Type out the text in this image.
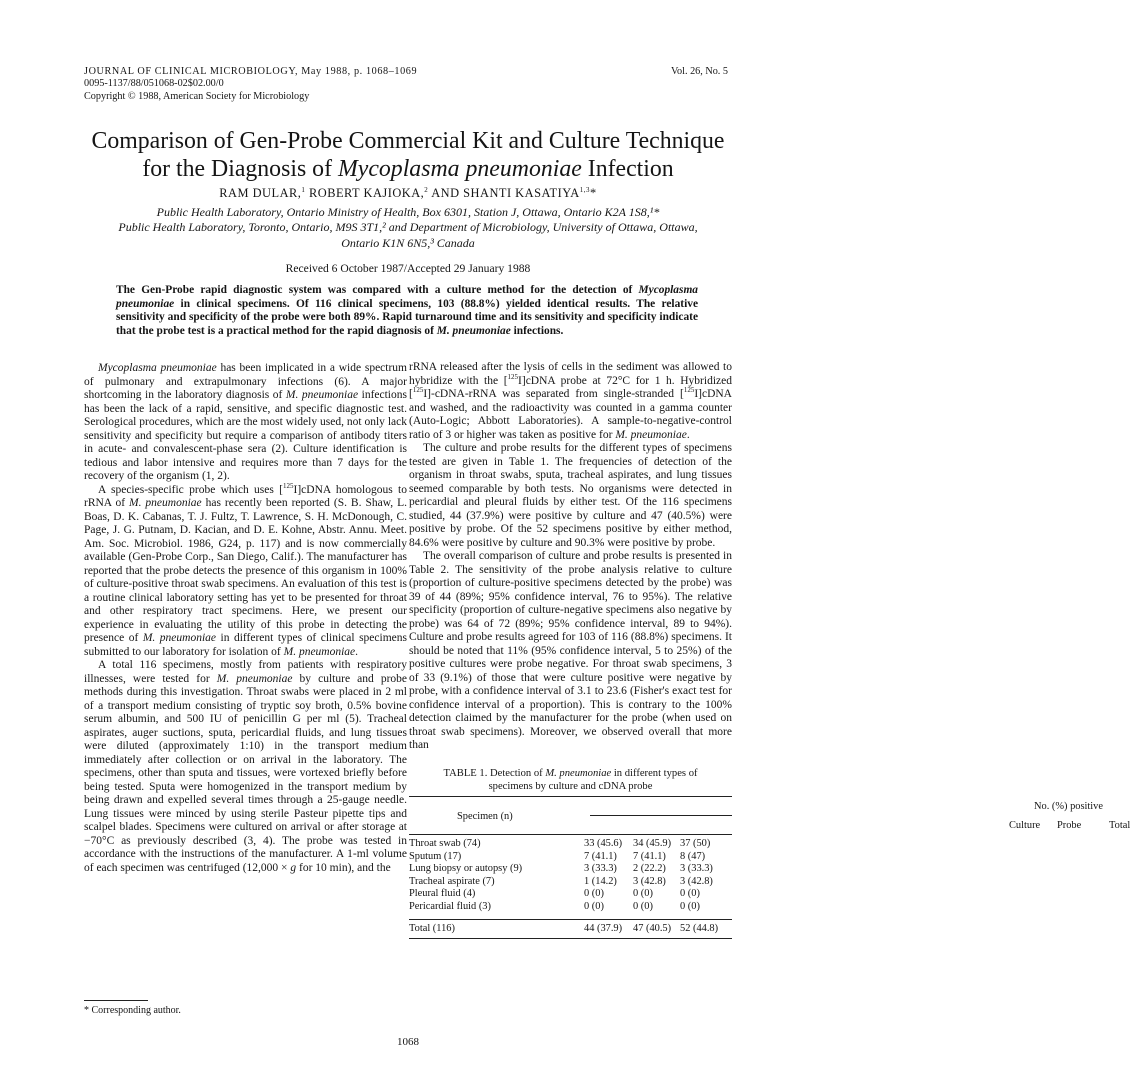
JOURNAL OF CLINICAL MICROBIOLOGY, May 1988, p. 1068–1069
0095-1137/88/051068-02$02.00/0
Copyright © 1988, American Society for Microbiology
Vol. 26, No. 5
Comparison of Gen-Probe Commercial Kit and Culture Technique
for the Diagnosis of Mycoplasma pneumoniae Infection
RAM DULAR,$^1$ ROBERT KAJIOKA,$^2$ AND SHANTI KASATIYA$^{1,3}$*
Public Health Laboratory, Ontario Ministry of Health, Box 6301, Station J, Ottawa, Ontario K2A 1S8,¹*
Public Health Laboratory, Toronto, Ontario, M9S 3T1,² and Department of Microbiology, University of Ottawa, Ottawa,
Ontario K1N 6N5,³ Canada
Received 6 October 1987/Accepted 29 January 1988
The Gen-Probe rapid diagnostic system was compared with a culture method for the detection of Mycoplasma pneumoniae in clinical specimens. Of 116 clinical specimens, 103 (88.8%) yielded identical results. The relative sensitivity and specificity of the probe were both 89%. Rapid turnaround time and its sensitivity and specificity indicate that the probe test is a practical method for the rapid diagnosis of M. pneumoniae infections.

Mycoplasma pneumoniae has been implicated in a wide spectrum of pulmonary and extrapulmonary infections (6). A major shortcoming in the laboratory diagnosis of M. pneumoniae infections has been the lack of a rapid, sensitive, and specific diagnostic test. Serological procedures, which are the most widely used, not only lack sensitivity and specificity but require a comparison of antibody titers in acute- and convalescent-phase sera (2). Culture identification is tedious and labor intensive and requires more than 7 days for the recovery of the organism (1, 2).

A species-specific probe which uses [$^{125}$I]cDNA homologous to rRNA of M. pneumoniae has recently been reported (S. B. Shaw, L. Boas, D. K. Cabanas, T. J. Fultz, T. Lawrence, S. H. McDonough, C. Page, J. G. Putnam, D. Kacian, and D. E. Kohne, Abstr. Annu. Meet. Am. Soc. Microbiol. 1986, G24, p. 117) and is now commercially available (Gen-Probe Corp., San Diego, Calif.). The manufacturer has reported that the probe detects the presence of this organism in 100% of culture-positive throat swab specimens. An evaluation of this test is a routine clinical laboratory setting has yet to be presented for throat and other respiratory tract specimens. Here, we present our experience in evaluating the utility of this probe in detecting the presence of M. pneumoniae in different types of clinical specimens submitted to our laboratory for isolation of M. pneumoniae.

A total 116 specimens, mostly from patients with respiratory illnesses, were tested for M. pneumoniae by culture and probe methods during this investigation. Throat swabs were placed in 2 ml of a transport medium consisting of tryptic soy broth, 0.5% bovine serum albumin, and 500 IU of penicillin G per ml (5). Tracheal aspirates, auger suctions, sputa, pericardial fluids, and lung tissues were diluted (approximately 1:10) in the transport medium immediately after collection or on arrival in the laboratory. The specimens, other than sputa and tissues, were vortexed briefly before being tested. Sputa were homogenized in the transport medium by being drawn and expelled several times through a 25-gauge needle. Lung tissues were minced by using sterile Pasteur pipette tips and scalpel blades. Specimens were cultured on arrival or after storage at −70°C as previously described (3, 4). The probe was tested in accordance with the instructions of the manufacturer. A 1-ml volume of each specimen was centrifuged (12,000 × g for 10 min), and the

rRNA released after the lysis of cells in the sediment was allowed to hybridize with the [$^{125}$I]cDNA probe at 72°C for 1 h. Hybridized [$^{125}$I]-cDNA-rRNA was separated from single-stranded [$^{125}$I]cDNA and washed, and the radioactivity was counted in a gamma counter (Auto-Logic; Abbott Laboratories). A sample-to-negative-control ratio of 3 or higher was taken as positive for M. pneumoniae.

The culture and probe results for the different types of specimens tested are given in Table 1. The frequencies of detection of the organism in throat swabs, sputa, tracheal aspirates, and lung tissues seemed comparable by both tests. No organisms were detected in pericardial and pleural fluids by either test. Of the 116 specimens studied, 44 (37.9%) were positive by culture and 47 (40.5%) were positive by probe. Of the 52 specimens positive by either method, 84.6% were positive by culture and 90.3% were positive by probe.

The overall comparison of culture and probe results is presented in Table 2. The sensitivity of the probe analysis relative to culture (proportion of culture-positive specimens detected by the probe) was 39 of 44 (89%; 95% confidence interval, 76 to 95%). The relative specificity (proportion of culture-negative specimens also negative by probe) was 64 of 72 (89%; 95% confidence interval, 89 to 94%). Culture and probe results agreed for 103 of 116 (88.8%) specimens. It should be noted that 11% (95% confidence interval, 5 to 25%) of the positive cultures were probe negative. For throat swab specimens, 3 of 33 (9.1%) of those that were culture positive were negative by probe, with a confidence interval of 3.1 to 23.6 (Fisher's exact test for confidence interval of a proportion). This is contrary to the 100% detection claimed by the manufacturer for the probe (when used on throat swab specimens). Moreover, we observed overall that more than

TABLE 1. Detection of M. pneumoniae in different types of
specimens by culture and cDNA probe
Specimen (n)
No. (%) positive
Culture Probe	Total
Throat swab (74)	33 (45.6)	34 (45.9) 37 (50)
Sputum (17)	7 (41.1)	7 (41.1)	8 (47)
Lung biopsy or autopsy (9)	3 (33.3)	2 (22.2)	3 (33.3)
Tracheal aspirate (7)	1 (14.2)	3 (42.8)	3 (42.8)
Pleural fluid (4)	0 (0)	0 (0)	0 (0)
Pericardial fluid (3)	0 (0)	0 (0)	0 (0)
Total (116)	44 (37.9)	47 (40.5) 52 (44.8)
* Corresponding author.
1068
